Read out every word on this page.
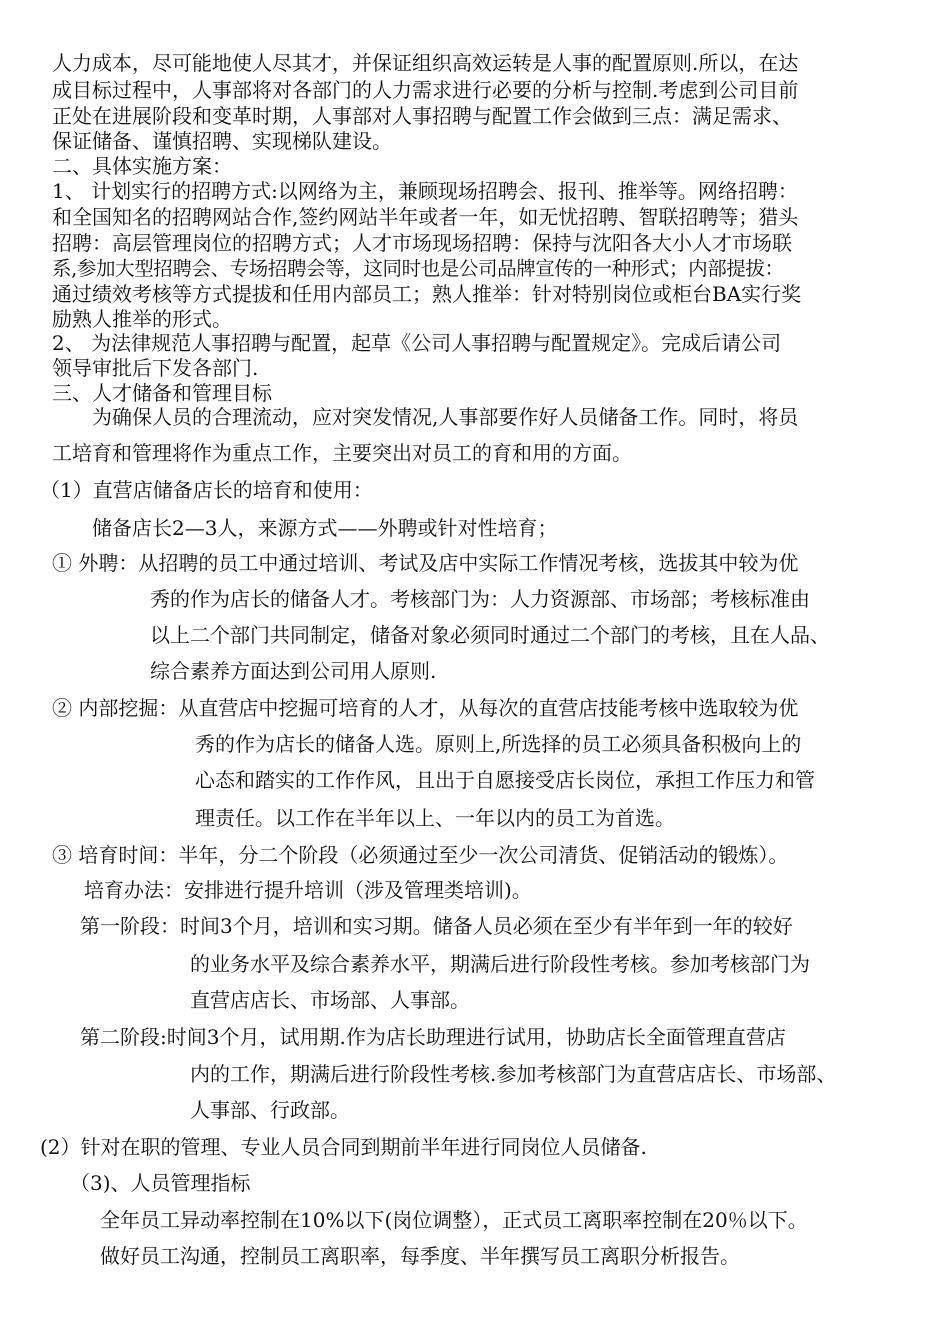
人力成本，尽可能地使人尽其才，并保证组织高效运转是人事的配置原则.所以，在达
成目标过程中，人事部将对各部门的人力需求进行必要的分析与控制.考虑到公司目前
正处在进展阶段和变革时期，人事部对人事招聘与配置工作会做到三点：满足需求、
保证储备、谨慎招聘、实现梯队建设。
二、具体实施方案：
1、 计划实行的招聘方式:以网络为主，兼顾现场招聘会、报刊、推举等。网络招聘：
和全国知名的招聘网站合作,签约网站半年或者一年，如无忧招聘、智联招聘等；猎头
招聘：高层管理岗位的招聘方式；人才市场现场招聘：保持与沈阳各大小人才市场联
系,参加大型招聘会、专场招聘会等，这同时也是公司品牌宣传的一种形式；内部提拔：
通过绩效考核等方式提拔和任用内部员工；熟人推举：针对特别岗位或柜台BA实行奖
励熟人推举的形式。
2、 为法律规范人事招聘与配置，起草《公司人事招聘与配置规定》。完成后请公司
领导审批后下发各部门.
三、人才储备和管理目标
为确保人员的合理流动，应对突发情况,人事部要作好人员储备工作。同时，将员
工培育和管理将作为重点工作，主要突出对员工的育和用的方面。
（1）直营店储备店长的培育和使用：
储备店长2—3人，来源方式——外聘或针对性培育；
① 外聘：从招聘的员工中通过培训、考试及店中实际工作情况考核，选拔其中较为优
秀的作为店长的储备人才。考核部门为：人力资源部、市场部；考核标准由
以上二个部门共同制定，储备对象必须同时通过二个部门的考核，且在人品、
综合素养方面达到公司用人原则.
② 内部挖掘：从直营店中挖掘可培育的人才，从每次的直营店技能考核中选取较为优
秀的作为店长的储备人选。原则上,所选择的员工必须具备积极向上的
心态和踏实的工作作风，且出于自愿接受店长岗位，承担工作压力和管
理责任。以工作在半年以上、一年以内的员工为首选。
③ 培育时间：半年，分二个阶段（必须通过至少一次公司清货、促销活动的锻炼）。
培育办法：安排进行提升培训（涉及管理类培训)。
第一阶段：时间3个月，培训和实习期。储备人员必须在至少有半年到一年的较好
的业务水平及综合素养水平，期满后进行阶段性考核。参加考核部门为
直营店店长、市场部、人事部。
第二阶段:时间3个月，试用期.作为店长助理进行试用，协助店长全面管理直营店
内的工作，期满后进行阶段性考核.参加考核部门为直营店店长、市场部、
人事部、行政部。
(2）针对在职的管理、专业人员合同到期前半年进行同岗位人员储备.
（3)、人员管理指标
全年员工异动率控制在10%以下(岗位调整），正式员工离职率控制在20％以下。
做好员工沟通，控制员工离职率，每季度、半年撰写员工离职分析报告。
